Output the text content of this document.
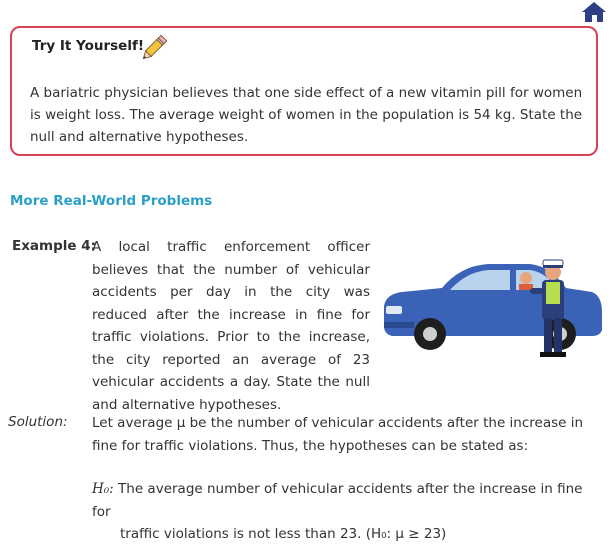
Try It Yourself!
A bariatric physician believes that one side effect of a new vitamin pill for women is weight loss. The average weight of women in the population is 54 kg. State the null and alternative hypotheses.
More Real-World Problems
Example 4:
A local traffic enforcement officer believes that the number of vehicular accidents per day in the city was reduced after the increase in fine for traffic violations. Prior to the increase, the city reported an average of 23 vehicular accidents a day. State the null and alternative hypotheses.
Solution: Let average μ be the number of vehicular accidents after the increase in fine for traffic violations. Thus, the hypotheses can be stated as:
H₀: The average number of vehicular accidents after the increase in fine for
traffic violations is not less than 23. (H₀: μ ≥ 23)
